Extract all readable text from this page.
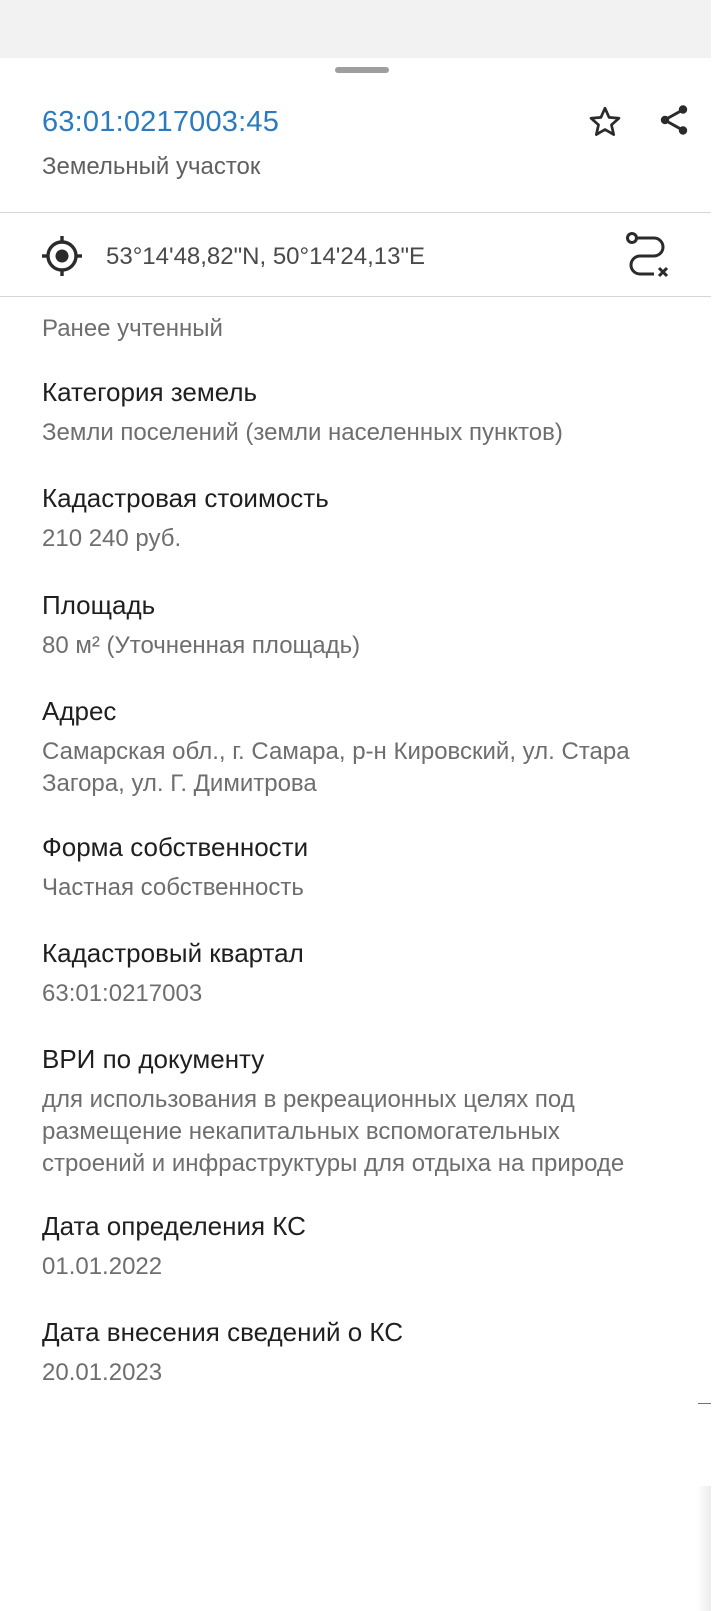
63:01:0217003:45
Земельный участок
53°14'48,82"N, 50°14'24,13"E

Ранее учтенный
Категория земель
Земли поселений (земли населенных пунктов)
Кадастровая стоимость
210 240 руб.
Площадь
80 м² (Уточненная площадь)
Адрес
Самарская обл., г. Самара, р-н Кировский, ул. Стара
Загора, ул. Г. Димитрова
Форма собственности
Частная собственность
Кадастровый квартал
63:01:0217003
ВРИ по документу
для использования в рекреационных целях под
размещение некапитальных вспомогательных
строений и инфраструктуры для отдыха на природе
Дата определения КС
01.01.2022
Дата внесения сведений о КС
20.01.2023
